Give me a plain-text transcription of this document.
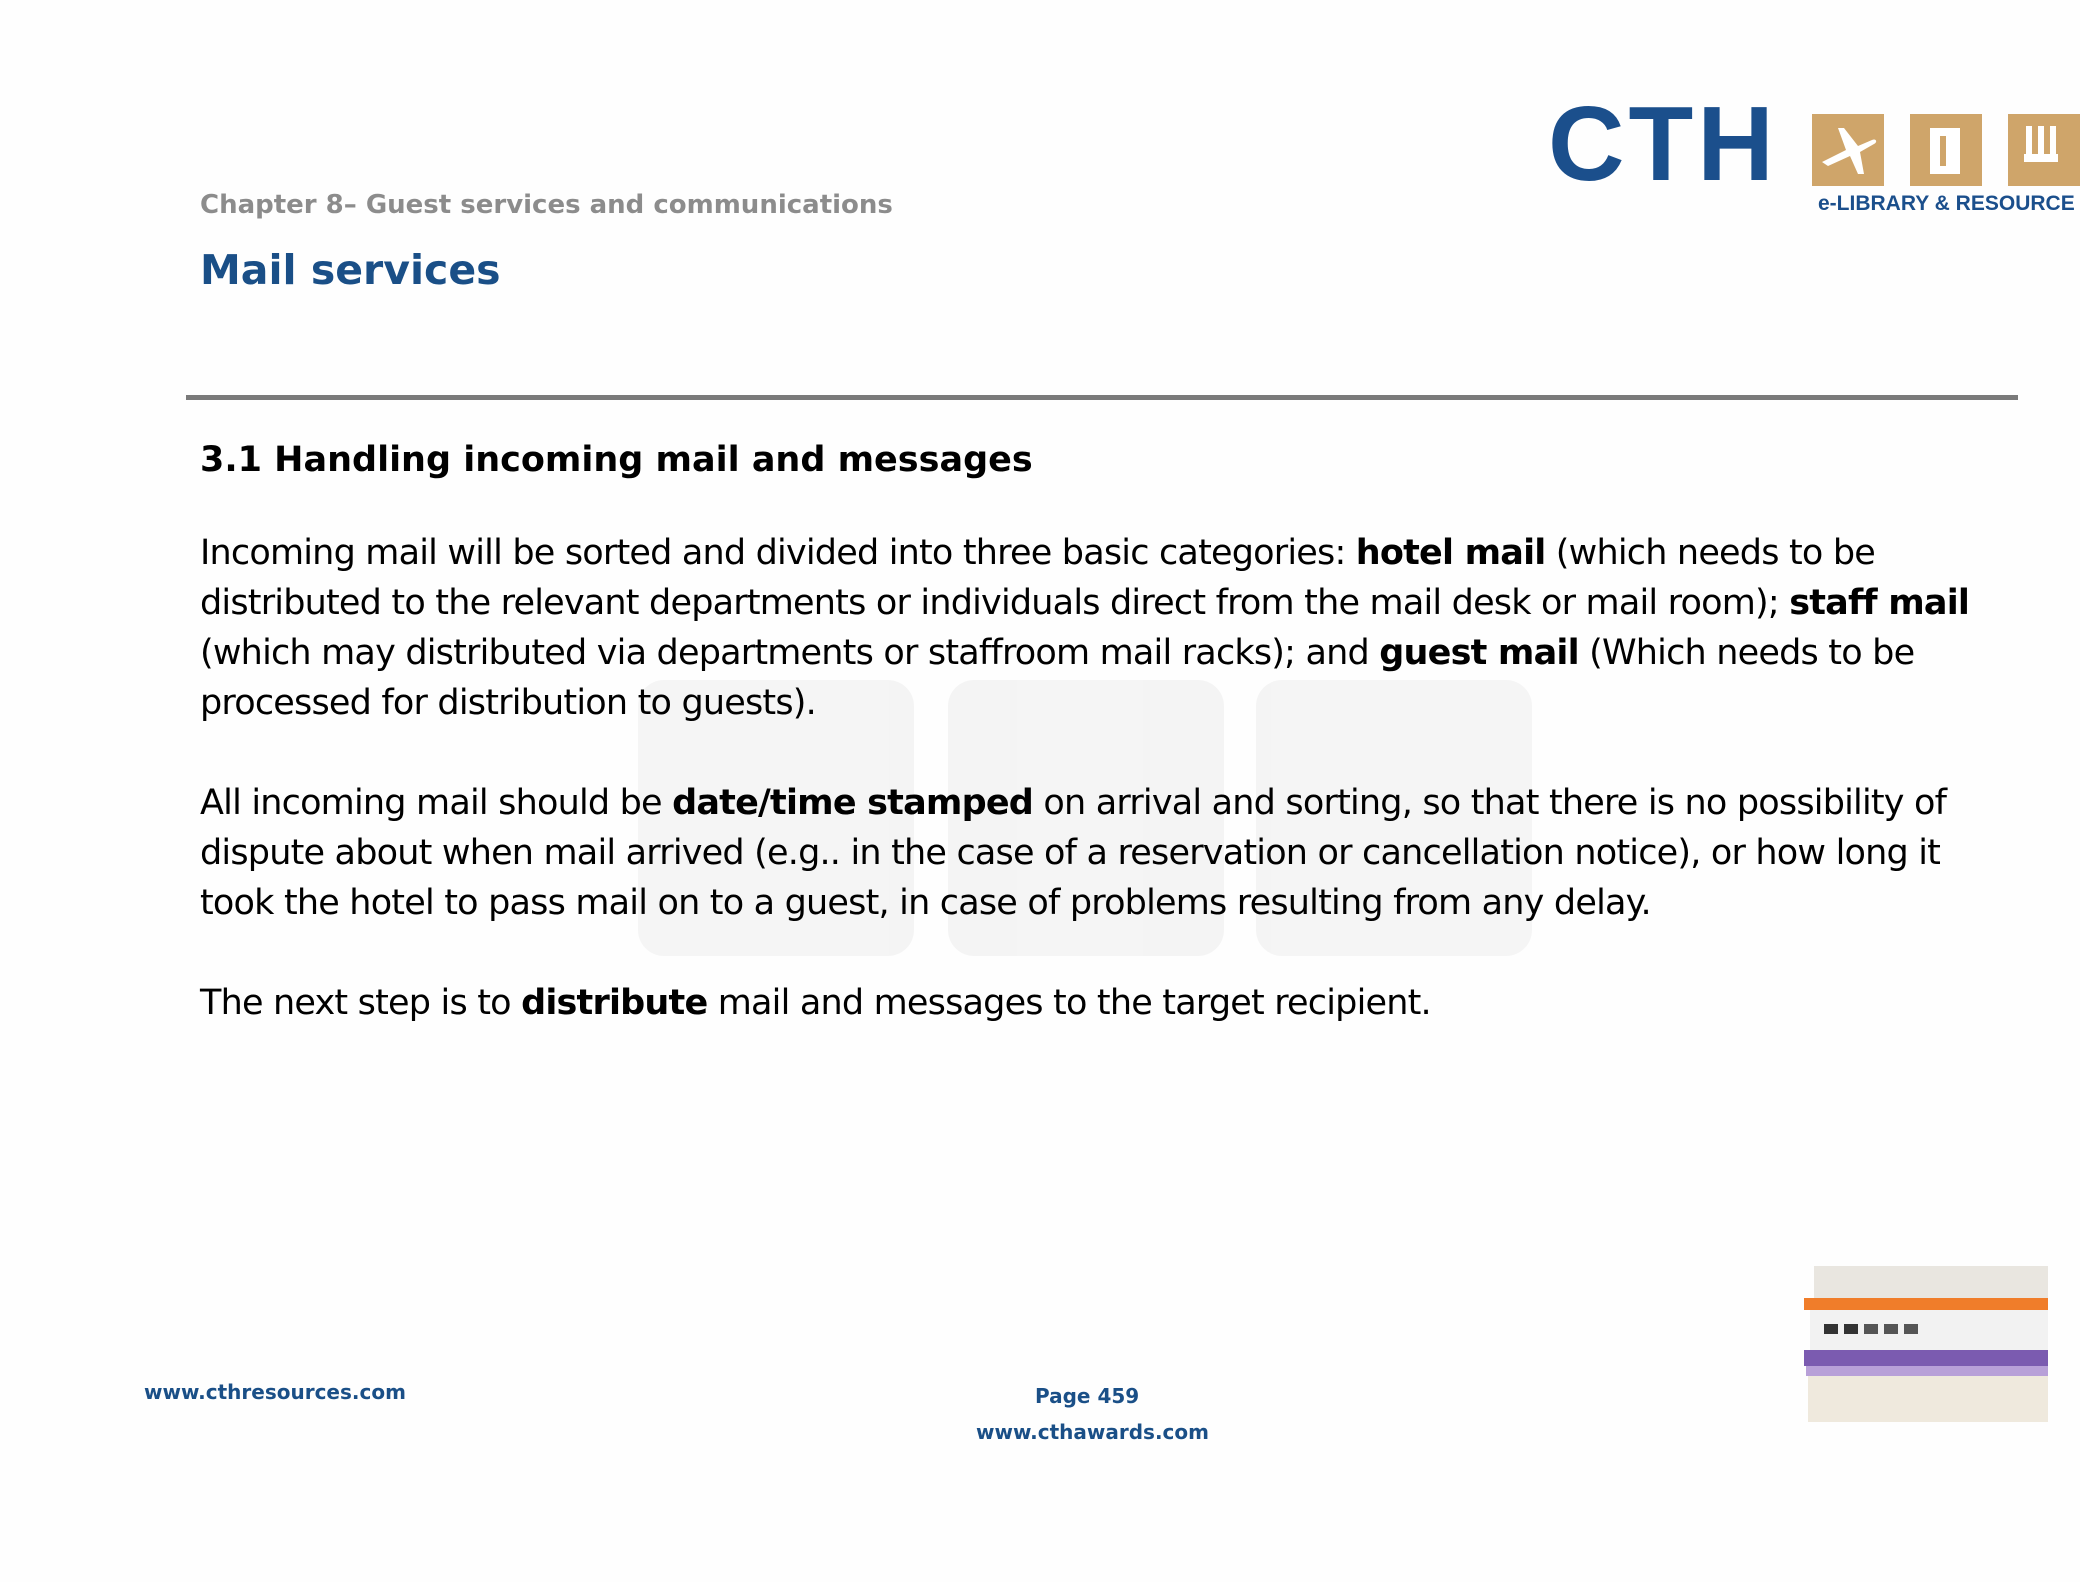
CTH
e-LIBRARY & RESOURCE
Chapter 8– Guest services and communications
Mail services
3.1 Handling incoming mail and messages

Incoming mail will be sorted and divided into three basic categories: hotel mail (which needs to be distributed to the relevant departments or individuals direct from the mail desk or mail room); staff mail (which may distributed via departments or staffroom mail racks); and guest mail (Which needs to be processed for distribution to guests).

All incoming mail should be date/time stamped on arrival and sorting, so that there is no possibility of dispute about when mail arrived (e.g.. in the case of a reservation or cancellation notice), or how long it took the hotel to pass mail on to a guest, in case of problems resulting from any delay.

The next step is to distribute mail and messages to the target recipient.

www.cthresources.com	Page 459
www.cthawards.com
